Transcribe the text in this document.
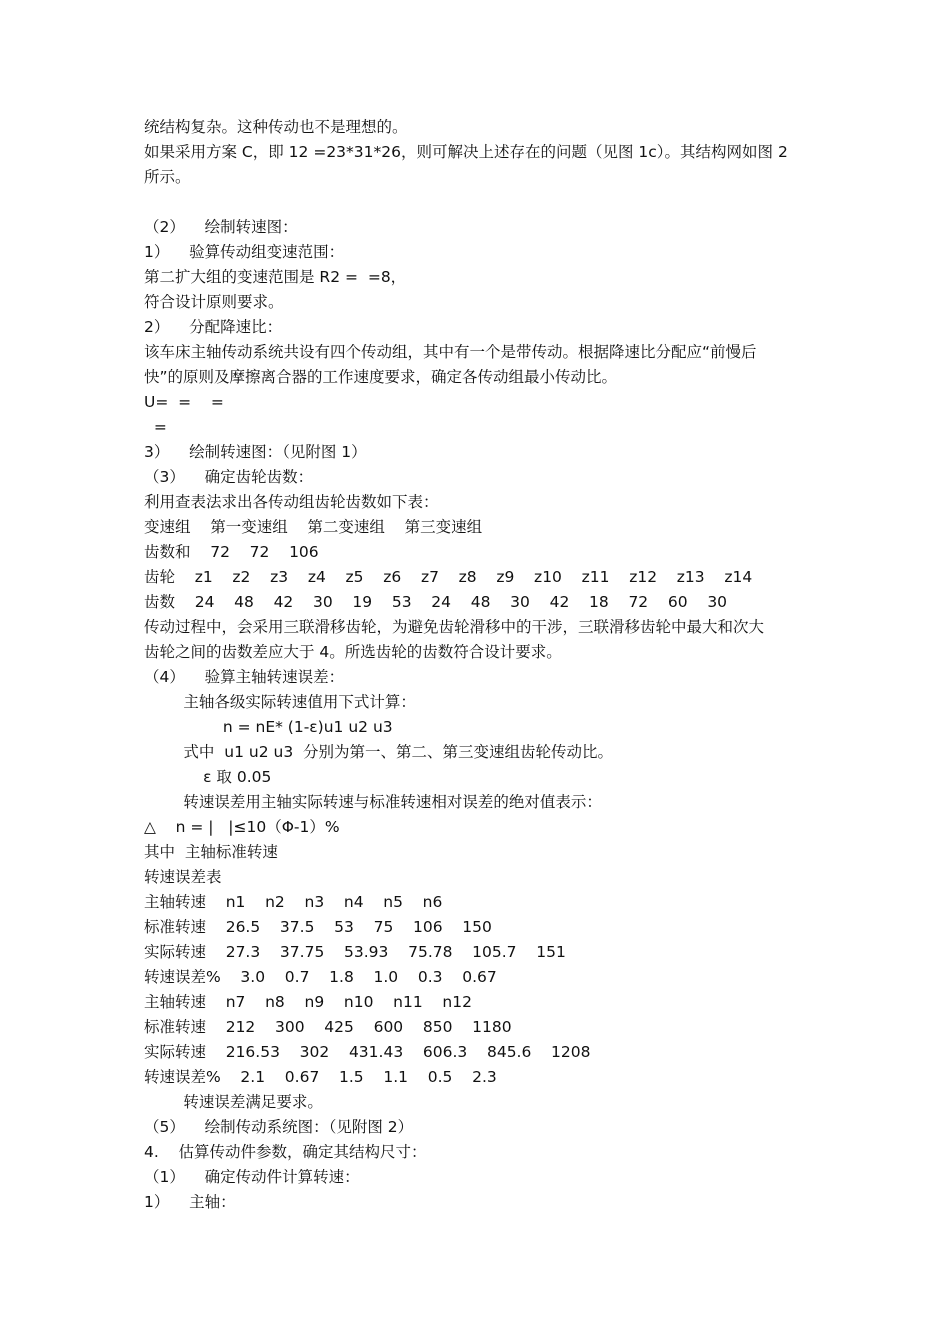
统结构复杂。这种传动也不是理想的。
如果采用方案 C，即 12 =23*31*26，则可解决上述存在的问题（见图 1c）。其结构网如图 2
所示。
（2）    绘制转速图：
1）    验算传动组变速范围：
第二扩大组的变速范围是 R2 =  =8，
符合设计原则要求。
2）    分配降速比：
该车床主轴传动系统共设有四个传动组，其中有一个是带传动。根据降速比分配应“前慢后
快”的原则及摩擦离合器的工作速度要求，确定各传动组最小传动比。
U=  =    =
=
3）    绘制转速图：（见附图 1）
（3）    确定齿轮齿数：
利用查表法求出各传动组齿轮齿数如下表：
变速组    第一变速组    第二变速组    第三变速组
齿数和    72    72    106
齿轮    z1    z2    z3    z4    z5    z6    z7    z8    z9    z10    z11    z12    z13    z14
齿数    24    48    42    30    19    53    24    48    30    42    18    72    60    30
传动过程中，会采用三联滑移齿轮，为避免齿轮滑移中的干涉，三联滑移齿轮中最大和次大
齿轮之间的齿数差应大于 4。所选齿轮的齿数符合设计要求。
（4）    验算主轴转速误差：
主轴各级实际转速值用下式计算：
n = nE* (1-ε)u1 u2 u3
式中  u1 u2 u3  分别为第一、第二、第三变速组齿轮传动比。
ε 取 0.05
转速误差用主轴实际转速与标准转速相对误差的绝对值表示：
△    n = |   |≤10（Φ-1）%
其中  主轴标准转速
转速误差表
主轴转速    n1    n2    n3    n4    n5    n6
标准转速    26.5    37.5    53    75    106    150
实际转速    27.3    37.75    53.93    75.78    105.7    151
转速误差%    3.0    0.7    1.8    1.0    0.3    0.67
主轴转速    n7    n8    n9    n10    n11    n12
标准转速    212    300    425    600    850    1180
实际转速    216.53    302    431.43    606.3    845.6    1208
转速误差%    2.1    0.67    1.5    1.1    0.5    2.3
转速误差满足要求。
（5）    绘制传动系统图：（见附图 2）
4.    估算传动件参数，确定其结构尺寸：
（1）    确定传动件计算转速：
1）    主轴：
